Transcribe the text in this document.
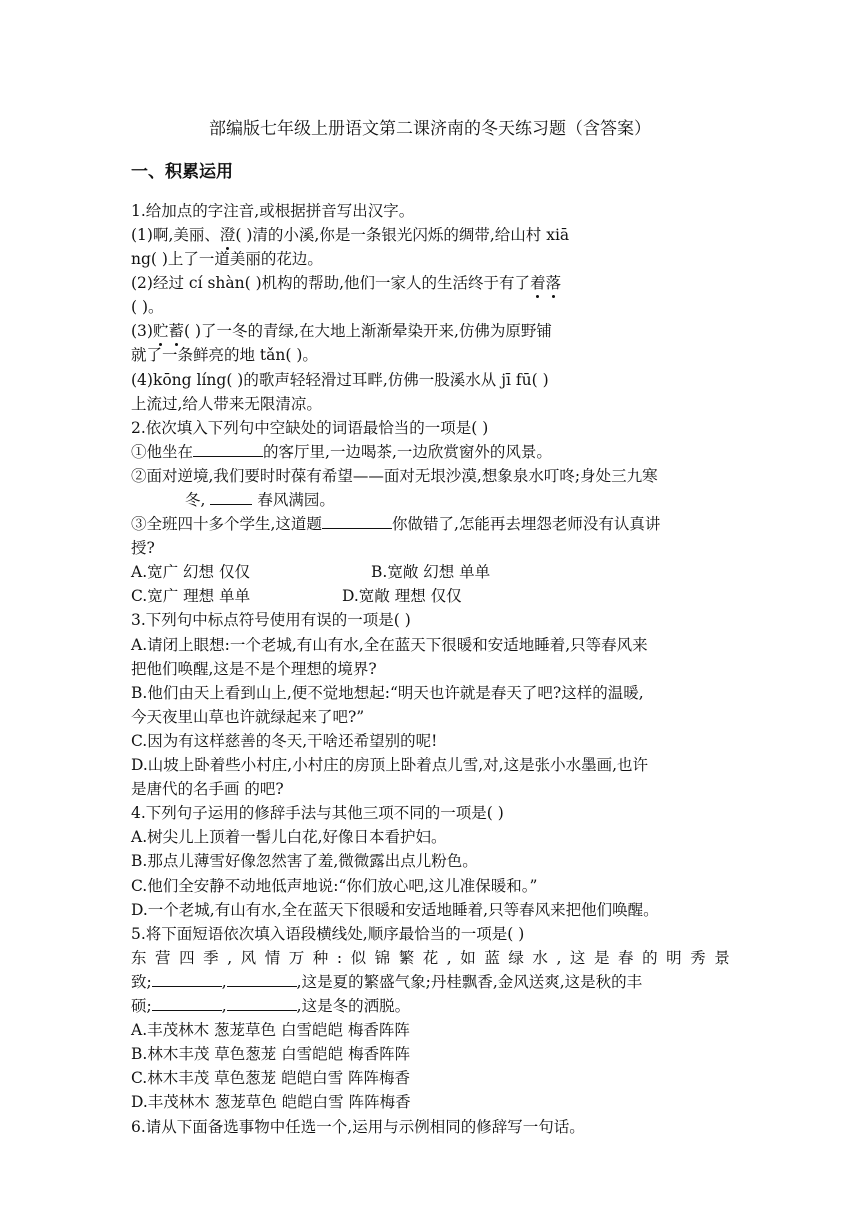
部编版七年级上册语文第二课济南的冬天练习题（含答案）
一、积累运用
1.给加点的字注音,或根据拼音写出汉字。
(1)啊,美丽、澄( )清的小溪,你是一条银光闪烁的绸带,给山村 xiā
ng( )上了一道美丽的花边。
(2)经过 cí shàn( )机构的帮助,他们一家人的生活终于有了着落
( )。
(3)贮蓄( )了一冬的青绿,在大地上渐渐晕染开来,仿佛为原野铺
就了一条鲜亮的地 tǎn( )。
(4)kōng líng( )的歌声轻轻滑过耳畔,仿佛一股溪水从 jī fū( )
上流过,给人带来无限清凉。
2.依次填入下列句中空缺处的词语最恰当的一项是( )
①他坐在	的客厅里,一边喝茶,一边欣赏窗外的风景。
②面对逆境,我们要时时葆有希望——面对无垠沙漠,想象泉水叮咚;身处三九寒
冬,	春风满园。
③全班四十多个学生,这道题	你做错了,怎能再去埋怨老师没有认真讲
授?
A.宽广 幻想 仅仅	B.宽敞 幻想 单单
C.宽广 理想 单单	D.宽敞 理想 仅仅
3.下列句中标点符号使用有误的一项是( )
A.请闭上眼想:一个老城,有山有水,全在蓝天下很暖和安适地睡着,只等春风来
把他们唤醒,这是不是个理想的境界?
B.他们由天上看到山上,便不觉地想起:“明天也许就是春天了吧?这样的温暖,
今天夜里山草也许就绿起来了吧?”
C.因为有这样慈善的冬天,干啥还希望别的呢!
D.山坡上卧着些小村庄,小村庄的房顶上卧着点儿雪,对,这是张小水墨画,也许
是唐代的名手画 的吧?
4.下列句子运用的修辞手法与其他三项不同的一项是( )
A.树尖儿上顶着一髻儿白花,好像日本看护妇。
B.那点儿薄雪好像忽然害了羞,微微露出点儿粉色。
C.他们全安静不动地低声地说:“你们放心吧,这儿准保暖和。”
D.一个老城,有山有水,全在蓝天下很暖和安适地睡着,只等春风来把他们唤醒。
5.将下面短语依次填入语段横线处,顺序最恰当的一项是( )
东 营 四 季 , 风 情 万 种 : 似 锦 繁 花 , 如 蓝 绿 水 , 这 是 春 的 明 秀 景
致;	,	,这是夏的繁盛气象;丹桂飘香,金风送爽,这是秋的丰
硕;	,	,这是冬的洒脱。
A.丰茂林木 葱茏草色 白雪皑皑 梅香阵阵
B.林木丰茂 草色葱茏 白雪皑皑 梅香阵阵
C.林木丰茂 草色葱茏 皑皑白雪 阵阵梅香
D.丰茂林木 葱茏草色 皑皑白雪 阵阵梅香
6.请从下面备选事物中任选一个,运用与示例相同的修辞写一句话。
